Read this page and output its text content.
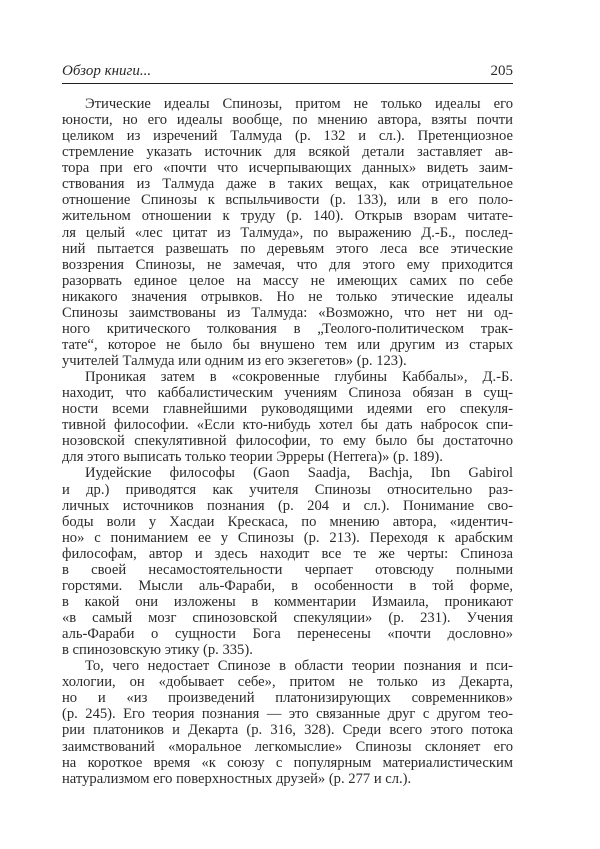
Обзор книги...	205
Этические идеалы Спинозы, притом не только идеалы его
юности, но его идеалы вообще, по мнению автора, взяты почти
целиком из изречений Талмуда (p. 132 и сл.). Претенциозное
стремление указать источник для всякой детали заставляет ав-
тора при его «почти что исчерпывающих данных» видеть заим-
ствования из Талмуда даже в таких вещах, как отрицательное
отношение Спинозы к вспыльчивости (p. 133), или в его поло-
жительном отношении к труду (p. 140). Открыв взорам читате-
ля целый «лес цитат из Талмуда», по выражению Д.-Б., послед-
ний пытается развешать по деревьям этого леса все этические
воззрения Спинозы, не замечая, что для этого ему приходится
разорвать единое целое на массу не имеющих самих по себе
никакого значения отрывков. Но не только этические идеалы
Спинозы заимствованы из Талмуда: «Возможно, что нет ни од-
ного критического толкования в „Теолого-политическом трак-
тате“, которое не было бы внушено тем или другим из старых
учителей Талмуда или одним из его экзегетов» (p. 123).
Проникая затем в «сокровенные глубины Каббалы», Д.-Б.
находит, что каббалистическим учениям Спиноза обязан в сущ-
ности всеми главнейшими руководящими идеями его спекуля-
тивной философии. «Если кто-нибудь хотел бы дать набросок спи-
нозовской спекулятивной философии, то ему было бы достаточно
для этого выписать только теории Эрреры (Herrera)» (p. 189).
Иудейские философы (Gaon Saadja, Bachja, Ibn Gabirol
и др.) приводятся как учителя Спинозы относительно раз-
личных источников познания (p. 204 и сл.). Понимание сво-
боды воли у Хасдаи Крескаса, по мнению автора, «идентич-
но» с пониманием ее у Спинозы (p. 213). Переходя к арабским
философам, автор и здесь находит все те же черты: Спиноза
в своей несамостоятельности черпает отовсюду полными
горстями. Мысли аль-Фараби, в особенности в той форме,
в какой они изложены в комментарии Измаила, проникают
«в самый мозг спинозовской спекуляции» (p. 231). Учения
аль-Фараби о сущности Бога перенесены «почти дословно»
в спинозовскую этику (p. 335).
То, чего недостает Спинозе в области теории познания и пси-
хологии, он «добывает себе», притом не только из Декарта,
но и «из произведений платонизирующих современников»
(p. 245). Его теория познания — это связанные друг с другом тео-
рии платоников и Декарта (p. 316, 328). Среди всего этого потока
заимствований «моральное легкомыслие» Спинозы склоняет его
на короткое время «к союзу с популярным материалистическим
натурализмом его поверхностных друзей» (p. 277 и сл.).
